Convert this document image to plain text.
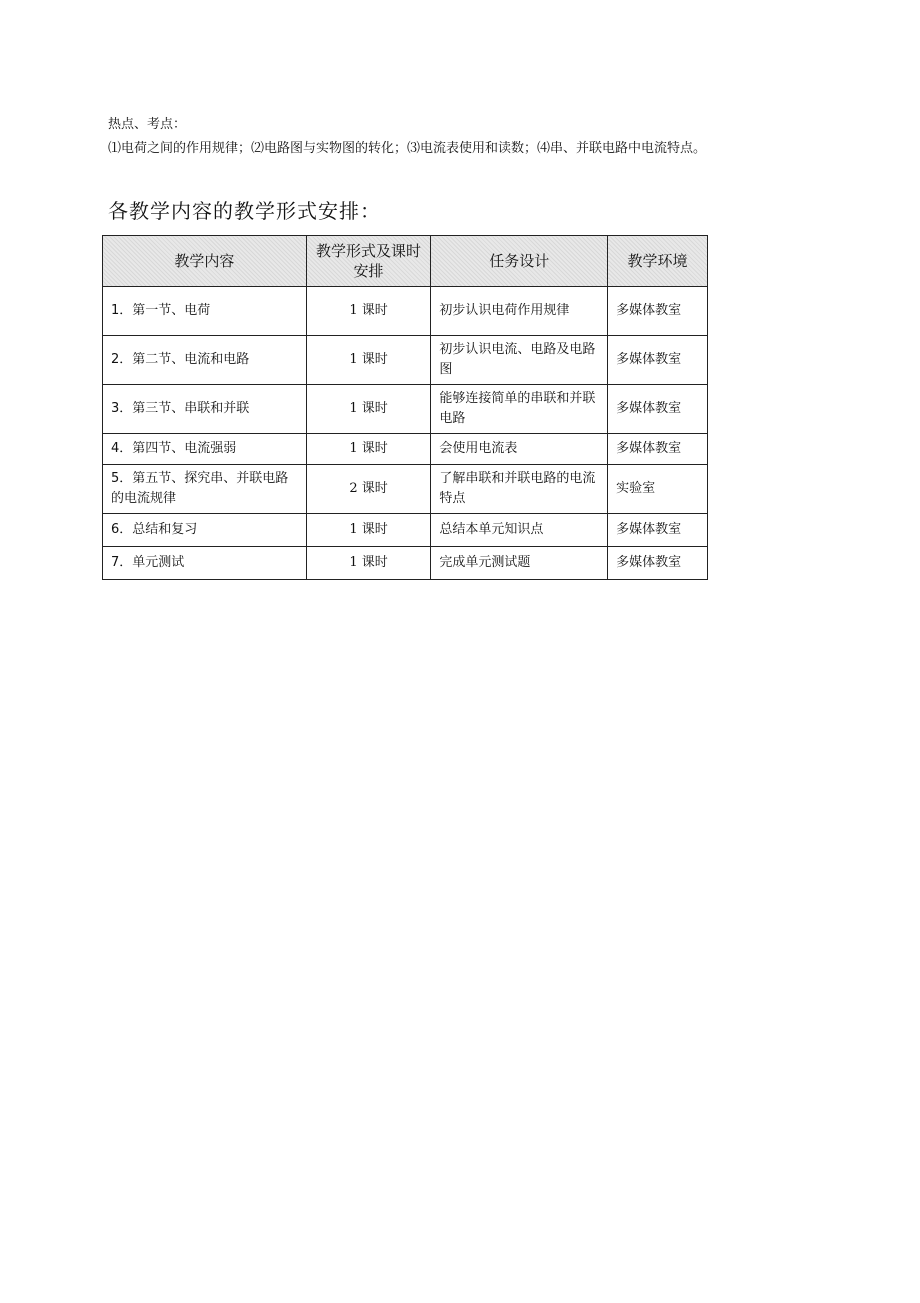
热点、考点：
⑴电荷之间的作用规律；⑵电路图与实物图的转化；⑶电流表使用和读数；⑷串、并联电路中电流特点。
各教学内容的教学形式安排：
教学内容	教学形式及课时安排	任务设计	教学环境
1．第一节、电荷	1 课时	初步认识电荷作用规律	多媒体教室
2．第二节、电流和电路	1 课时	初步认识电流、电路及电路图	多媒体教室
3．第三节、串联和并联	1 课时	能够连接简单的串联和并联电路	多媒体教室
4．第四节、电流强弱	1 课时	会使用电流表	多媒体教室
5．第五节、探究串、并联电路的电流规律	2 课时	了解串联和并联电路的电流特点	实验室
6．总结和复习	1 课时	总结本单元知识点	多媒体教室
7．单元测试	1 课时	完成单元测试题	多媒体教室
